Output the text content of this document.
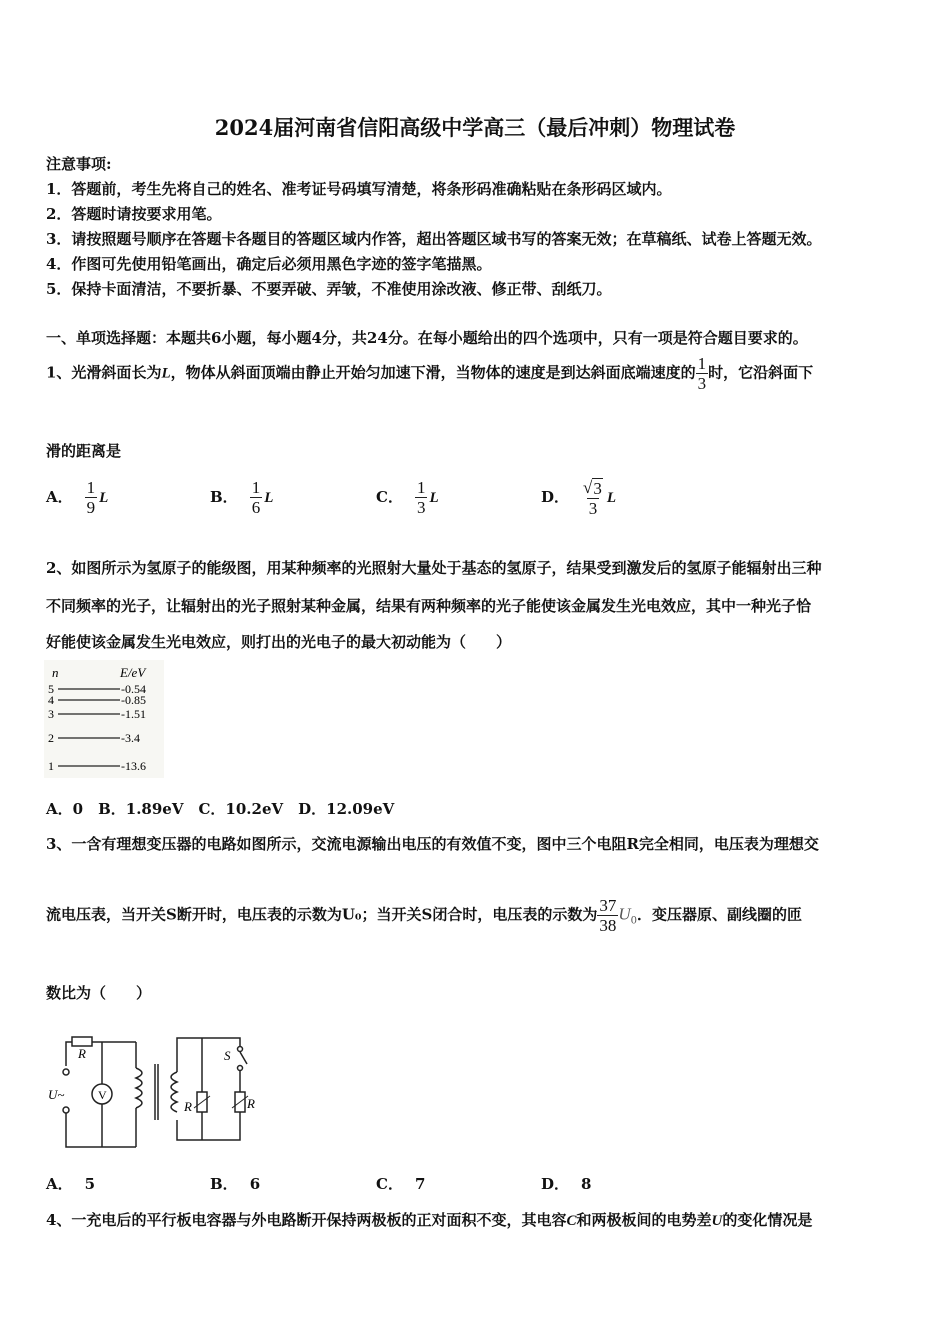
2024届河南省信阳高级中学高三（最后冲刺）物理试卷
注意事项:
1．答题前，考生先将自己的姓名、准考证号码填写清楚，将条形码准确粘贴在条形码区域内。
2．答题时请按要求用笔。
3．请按照题号顺序在答题卡各题目的答题区域内作答，超出答题区域书写的答案无效；在草稿纸、试卷上答题无效。
4．作图可先使用铅笔画出，确定后必须用黑色字迹的签字笔描黑。
5．保持卡面清洁，不要折暴、不要弄破、弄皱，不准使用涂改液、修正带、刮纸刀。
一、单项选择题：本题共6小题，每小题4分，共24分。在每小题给出的四个选项中，只有一项是符合题目要求的。
1、光滑斜面长为L，物体从斜面顶端由静止开始匀加速下滑，当物体的速度是到达斜面底端速度的 $\frac{1}{3}$ 时，它沿斜面下
滑的距离是
A． $\frac{1}{9}$ L	B． $\frac{1}{6}$ L	C． $\frac{1}{3}$ L	D． $\frac{√ 3}{3}$ L
2、如图所示为氢原子的能级图，用某种频率的光照射大量处于基态的氢原子，结果受到激发后的氢原子能辐射出三种
不同频率的光子，让辐射出的光子照射某种金属，结果有两种频率的光子能使该金属发生光电效应，其中一种光子恰
好能使该金属发生光电效应，则打出的光电子的最大初动能为（　　）
n	E/eV
5	-0.54
4	-0.85
3	-1.51
2	-3.4
1	-13.6
A．0　B．1.89eV　C．10.2eV　D．12.09eV
3、一含有理想变压器的电路如图所示，交流电源输出电压的有效值不变，图中三个电阻R完全相同，电压表为理想交
流电压表，当开关S断开时，电压表的示数为U₀；当开关S闭合时，电压表的示数为 $\frac{37}{38} U_0$．变压器原、副线圈的匝
数比为（　　）
R
U~	V
R	R
S
A． 5	B． 6	C． 7	D． 8
4、一充电后的平行板电容器与外电路断开保持两极板的正对面积不变，其电容C和两极板间的电势差U的变化情况是
